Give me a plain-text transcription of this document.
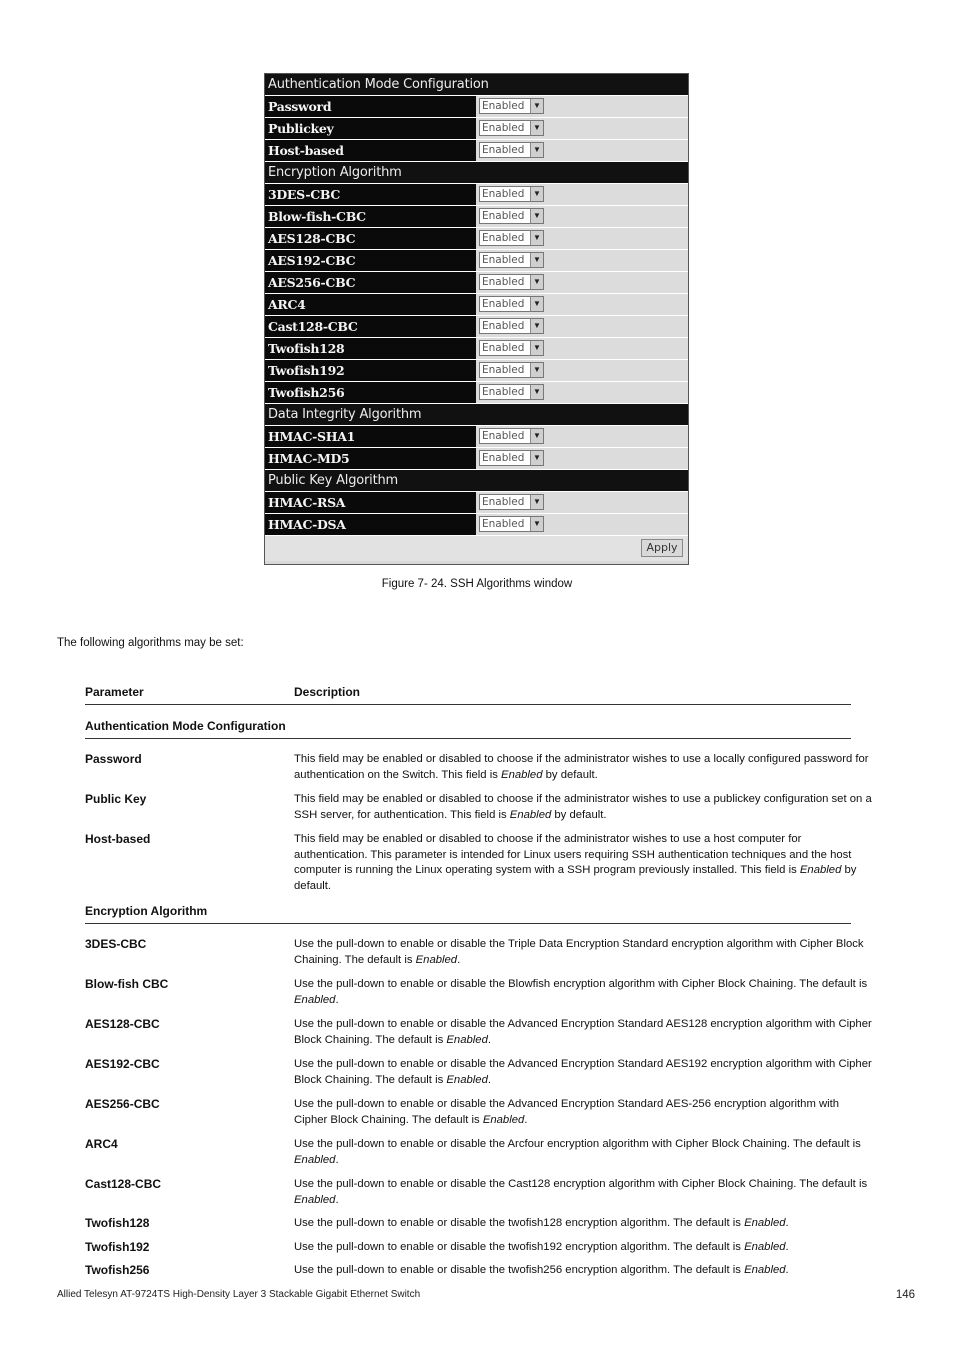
Authentication Mode Configuration
Password	Enabled	▼
Publickey	Enabled	▼
Host-based	Enabled	▼
Encryption Algorithm
3DES-CBC	Enabled	▼
Blow-fish-CBC	Enabled	▼
AES128-CBC	Enabled	▼
AES192-CBC	Enabled	▼
AES256-CBC	Enabled	▼
ARC4	Enabled	▼
Cast128-CBC	Enabled	▼
Twofish128	Enabled	▼
Twofish192	Enabled	▼
Twofish256	Enabled	▼
Data Integrity Algorithm
HMAC-SHA1	Enabled	▼
HMAC-MD5	Enabled	▼
Public Key Algorithm
HMAC-RSA	Enabled	▼
HMAC-DSA	Enabled	▼
Apply
Figure 7- 24. SSH Algorithms window
The following algorithms may be set:
Parameter	Description
Authentication Mode Configuration
Password	This field may be enabled or disabled to choose if the administrator wishes to use a locally configured password for authentication on the Switch. This field is Enabled by default.
Public Key	This field may be enabled or disabled to choose if the administrator wishes to use a publickey configuration set on a SSH server, for authentication. This field is Enabled by default.
Host-based	This field may be enabled or disabled to choose if the administrator wishes to use a host computer for authentication. This parameter is intended for Linux users requiring SSH authentication techniques and the host computer is running the Linux operating system with a SSH program previously installed. This field is Enabled by default.
Encryption Algorithm
3DES-CBC	Use the pull-down to enable or disable the Triple Data Encryption Standard encryption algorithm with Cipher Block Chaining. The default is Enabled.
Blow-fish CBC	Use the pull-down to enable or disable the Blowfish encryption algorithm with Cipher Block Chaining. The default is Enabled.
AES128-CBC	Use the pull-down to enable or disable the Advanced Encryption Standard AES128 encryption algorithm with Cipher Block Chaining. The default is Enabled.
AES192-CBC	Use the pull-down to enable or disable the Advanced Encryption Standard AES192 encryption algorithm with Cipher Block Chaining. The default is Enabled.
AES256-CBC	Use the pull-down to enable or disable the Advanced Encryption Standard AES-256 encryption algorithm with Cipher Block Chaining. The default is Enabled.
ARC4	Use the pull-down to enable or disable the Arcfour encryption algorithm with Cipher Block Chaining. The default is Enabled.
Cast128-CBC	Use the pull-down to enable or disable the Cast128 encryption algorithm with Cipher Block Chaining. The default is Enabled.
Twofish128	Use the pull-down to enable or disable the twofish128 encryption algorithm. The default is Enabled.
Twofish192	Use the pull-down to enable or disable the twofish192 encryption algorithm. The default is Enabled.
Twofish256	Use the pull-down to enable or disable the twofish256 encryption algorithm. The default is Enabled.
Allied Telesyn AT-9724TS High-Density Layer 3 Stackable Gigabit Ethernet Switch	146
